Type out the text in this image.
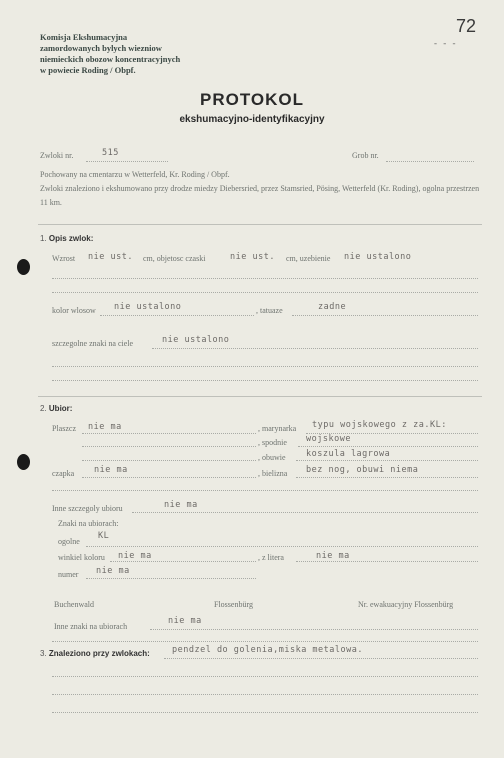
72
- - -
Komisja Ekshumacyjna
zamordowanych bylych wiezniow
niemieckich obozow koncentracyjnych
w powiecie Roding / Obpf.
PROTOKOL
ekshumacyjno-identyfikacyjny
Zwloki nr.	515	Grob nr.
Pochowany na cmentarzu w Wetterfeld, Kr. Roding / Obpf.
Zwloki znaleziono i ekshumowano przy drodze miedzy Diebersried, przez Stamsried, Pösing, Wetterfeld (Kr. Roding), ogolna przestrzen 11 km.
1. Opis zwlok:
Wzrost nie ust. cm, objetosc czaski	nie ust. cm, uzebienie nie ustalono
kolor wlosow nie ustalono	, tatuaze	zadne
szczegolne znaki na ciele	nie ustalono
2. Ubior:
Plaszcz nie ma	, marynarka typu wojskowego z za.KL:
, spodnie wojskowe
, obuwie koszula lagrowa
czapka nie ma	, bielizna bez nog, obuwi niema
Inne szczegoly ubioru	nie ma
Znaki na ubiorach:
ogolne
KL
winkiel koloru nie ma	, z litera	nie ma
numer nie ma
Buchenwald	Flossenbürg	Nr. ewakuacyjny Flossenbürg
Inne znaki na ubiorach
nie ma
3. Znaleziono przy zwlokach:	pendzel do golenia,miska metalowa.
